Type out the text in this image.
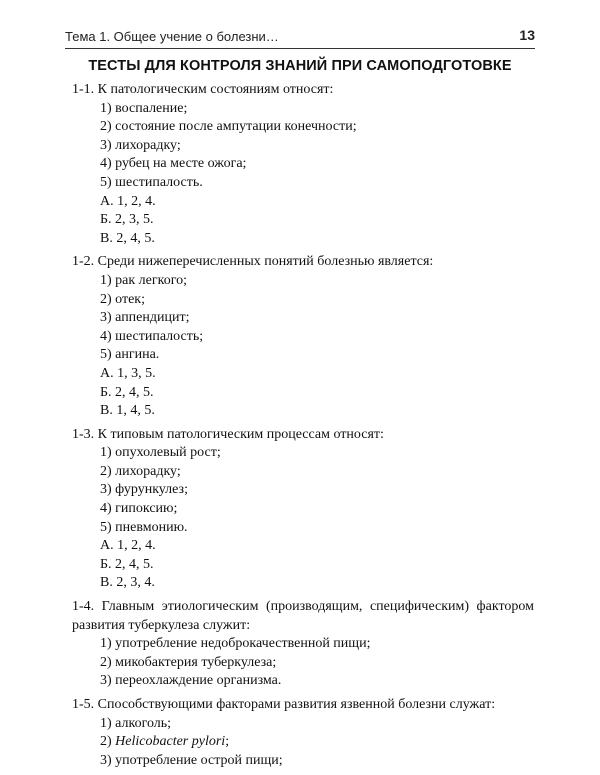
Тема 1. Общее учение о болезни…	13
ТЕСТЫ ДЛЯ КОНТРОЛЯ ЗНАНИЙ ПРИ САМОПОДГОТОВКЕ
1-1. К патологическим состояниям относят:
1) воспаление;
2) состояние после ампутации конечности;
3) лихорадку;
4) рубец на месте ожога;
5) шестипалость.
А. 1, 2, 4.
Б. 2, 3, 5.
В. 2, 4, 5.
1-2. Среди нижеперечисленных понятий болезнью является:
1) рак легкого;
2) отек;
3) аппендицит;
4) шестипалость;
5) ангина.
А. 1, 3, 5.
Б. 2, 4, 5.
В. 1, 4, 5.
1-3. К типовым патологическим процессам относят:
1) опухолевый рост;
2) лихорадку;
3) фурункулез;
4) гипоксию;
5) пневмонию.
А. 1, 2, 4.
Б. 2, 4, 5.
В. 2, 3, 4.
1-4. Главным этиологическим (производящим, специфическим) фактором развития туберкулеза служит:
1) употребление недоброкачественной пищи;
2) микобактерия туберкулеза;
3) переохлаждение организма.
1-5. Способствующими факторами развития язвенной болезни служат:
1) алкоголь;
2) Helicobacter pylori;
3) употребление острой пищи;
